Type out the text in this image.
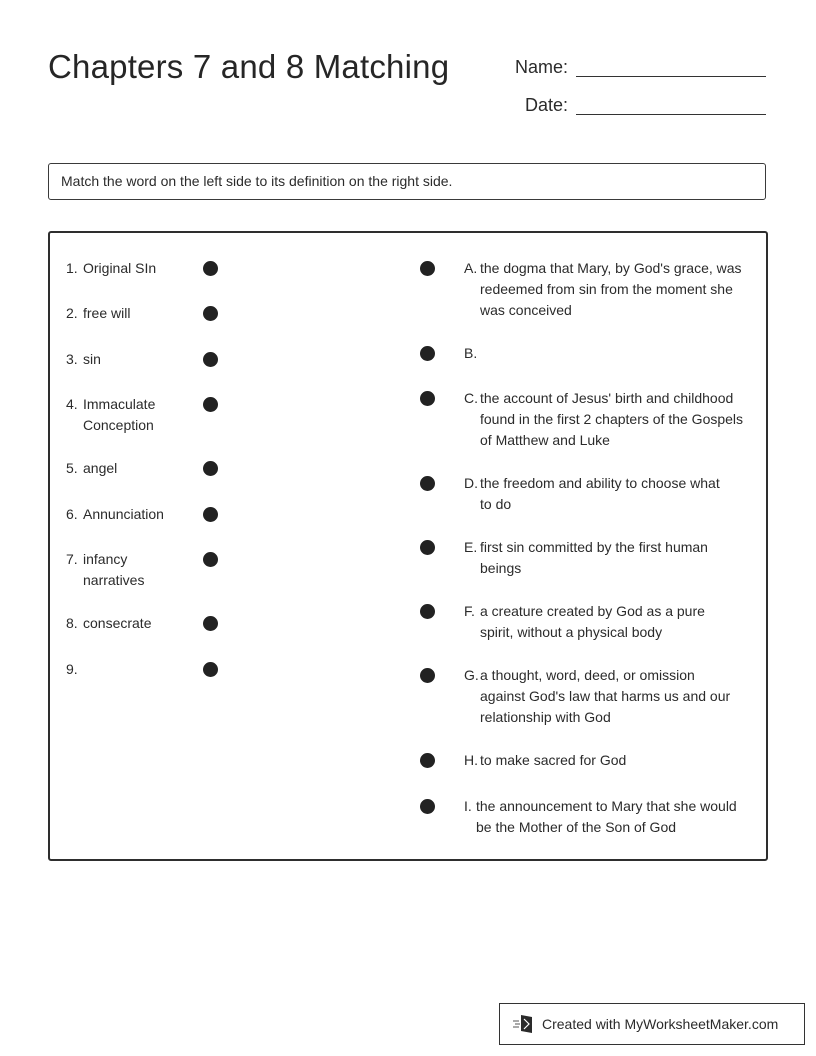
Chapters 7 and 8 Matching	Name:
Date:
Match the word on the left side to its definition on the right side.
1. Original SIn
2. free will
3. sin
4. Immaculate Conception
5. angel
6. Annunciation
7. infancy narratives
8. consecrate
9.
A. the dogma that Mary, by God's grace, was redeemed from sin from the moment she was conceived
B.
C. the account of Jesus' birth and childhood found in the first 2 chapters of the Gospels of Matthew and Luke
D. the freedom and ability to choose what to do
E. first sin committed by the first human beings
F. a creature created by God as a pure spirit, without a physical body
G. a thought, word, deed, or omission against God's law that harms us and our relationship with God
H. to make sacred for God
I. the announcement to Mary that she would be the Mother of the Son of God
Created with MyWorksheetMaker.com
